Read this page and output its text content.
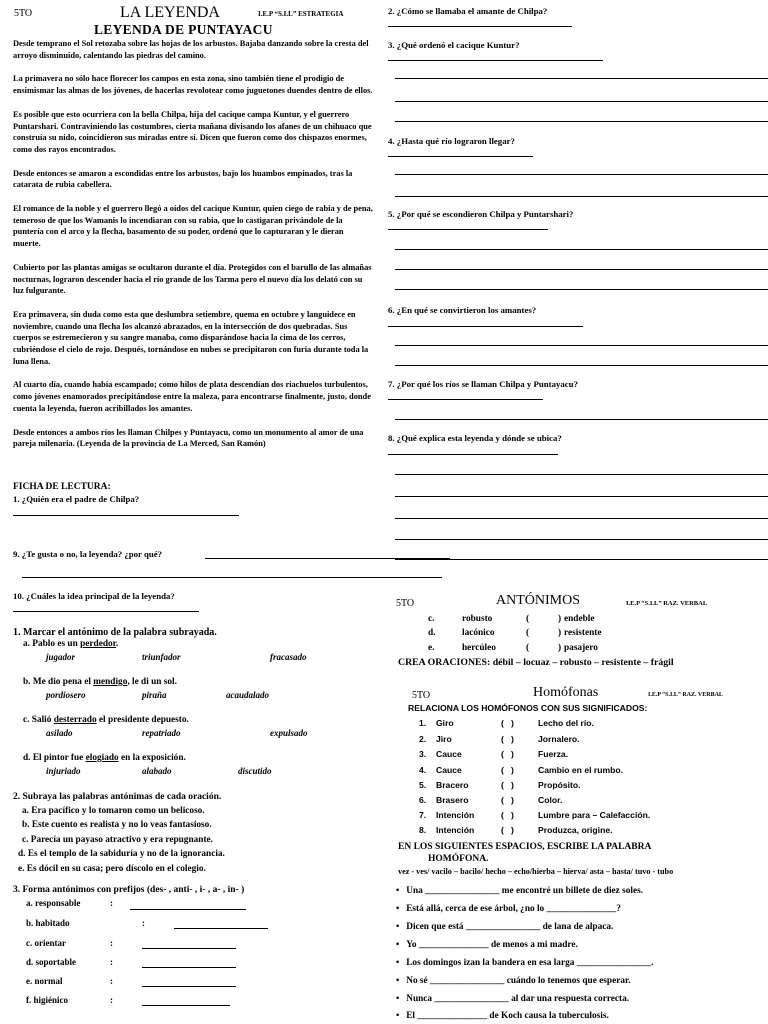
5TO	LA LEYENDA	I.E.P “S.I.L” ESTRATEGIA
LEYENDA DE PUNTAYACU

Desde temprano el Sol retozaba sobre las hojas de los arbustos. Bajaba danzando sobre la cresta del arroyo disminuido, calentando las piedras del camino.

La primavera no sólo hace florecer los campos en esta zona, sino también tiene el prodigio de ensimismar las almas de los jóvenes, de hacerlas revolotear como juguetones duendes dentro de ellos.

Es posible que esto ocurriera con la bella Chilpa, hija del cacique campa Kuntur, y el guerrero Puntarshari. Contraviniendo las costumbres, cierta mañana divisando los afanes de un chihuaco que construía su nido, coincidieron sus miradas entre sí. Dicen que fueron como dos chispazos enormes, como dos rayos encontrados.

Desde entonces se amaron a escondidas entre los arbustos, bajo los huambos empinados, tras la catarata de rubia cabellera.

El romance de la noble y el guerrero llegó a oídos del cacique Kuntur, quien ciego de rabia y de pena, temeroso de que los Wamanis lo incendiaran con su rabia, que lo castigaran privándole de la puntería con el arco y la flecha, basamento de su poder, ordenó que lo capturaran y le dieran muerte.

Cubierto por las plantas amigas se ocultaron durante el día. Protegidos con el barullo de las almañas nocturnas, lograron descender hacia el río grande de los Tarma pero el nuevo día los delató con su luz fulgurante.

Era primavera, sin duda como esta que deslumbra setiembre, quema en octubre y languidece en noviembre, cuando una flecha los alcanzó abrazados, en la intersección de dos quebradas. Sus cuerpos se estremecieron y su sangre manaba, como disparándose hacia la cima de los cerros, cubriéndose el cielo de rojo. Después, tornándose en nubes se precipitaron con furia durante toda la luna llena.

Al cuarto día, cuando había escampado; como hilos de plata descendían dos riachuelos turbulentos, como jóvenes enamorados precipitándose entre la maleza, para encontrarse finalmente, justo, donde cuenta la leyenda, fueron acribillados los amantes.

Desde entonces a ambos ríos les llaman Chilpes y Puntayacu, como un monumento al amor de una pareja milenaria. (Leyenda de la provincia de La Merced, San Ramón)

FICHA DE LECTURA:
1. ¿Quién era el padre de Chilpa?
9. ¿Te gusta o no, la leyenda? ¿por qué?
10. ¿Cuáles la idea principal de la leyenda?
2. ¿Cómo se llamaba el amante de Chilpa?
3. ¿Qué ordenó el cacique Kuntur?
4. ¿Hasta qué río lograron llegar?
5. ¿Por qué se escondieron Chilpa y Puntarshari?
6. ¿En qué se convirtieron los amantes?
7. ¿Por qué los ríos se llaman Chilpa y Puntayacu?
8. ¿Qué explica esta leyenda y dónde se ubica?
1. Marcar el antónimo de la palabra subrayada.
a. Pablo es un perdedor.
jugador	triunfador	fracasado
b. Me dio pena el mendigo, le di un sol.
pordiosero	piraña	acaudalado
c. Salió desterrado el presidente depuesto.
asilado	repatriado	expulsado
d. El pintor fue elogiado en la exposición.
injuriado	alabado	discutido
2. Subraya las palabras antónimas de cada oración.
a. Era pacífico y lo tomaron como un belicoso.
b. Este cuento es realista y no lo veas fantasioso.
c. Parecía un payaso atractivo y era repugnante.
d. Es el templo de la sabiduría y no de la ignorancia.
e. Es dócil en su casa; pero díscolo en el colegio.
3. Forma antónimos con prefijos (des- , anti- , i- , a- , in- )
a. responsable	:
b. habitado	:
c. orientar	:
d. soportable	:
e. normal	:
f. higiénico	:
5TO	ANTÓNIMOS	I.E.P “S.I.L” RAZ. VERBAL
c.	robusto	(	) endeble
d.	lacónico	(	) resistente
e.	hercúleo	(	) pasajero
CREA ORACIONES: débil – locuaz – robusto – resistente – frágil
5TO	Homófonas	I.E.P “S.I.L” RAZ. VERBAL
RELACIONA LOS HOMÓFONOS CON SUS SIGNIFICADOS:
1. Giro	(   )	Lecho del río.
2. Jiro	(   )	Jornalero.
3. Cauce	(   )	Fuerza.
4. Cauce	(   )	Cambio en el rumbo.
5. Bracero	(   )	Propósito.
6. Brasero	(   )	Color.
7. Intención	(   )	Lumbre para – Calefacción.
8. Intención	(   )	Produzca, origine.
EN LOS SIGUIENTES ESPACIOS, ESCRIBE LA PALABRA
HOMÓFONA.
vez - ves/ vacilo – bacilo/ hecho – echo/hierba – hierva/ asta – hasta/ tuvo - tubo
•   Una ________________ me encontré un billete de diez soles.
•   Está allá, cerca de ese árbol, ¿no lo _______________?
•   Dicen que está ________________ de lana de alpaca.
•   Yo _______________ de menos a mi madre.
•   Los domingos izan la bandera en esa larga ________________.
•   No sé ________________ cuándo lo tenemos que esperar.
•   Nunca ________________ al dar una respuesta correcta.
•   El _______________ de Koch causa la tuberculosis.
